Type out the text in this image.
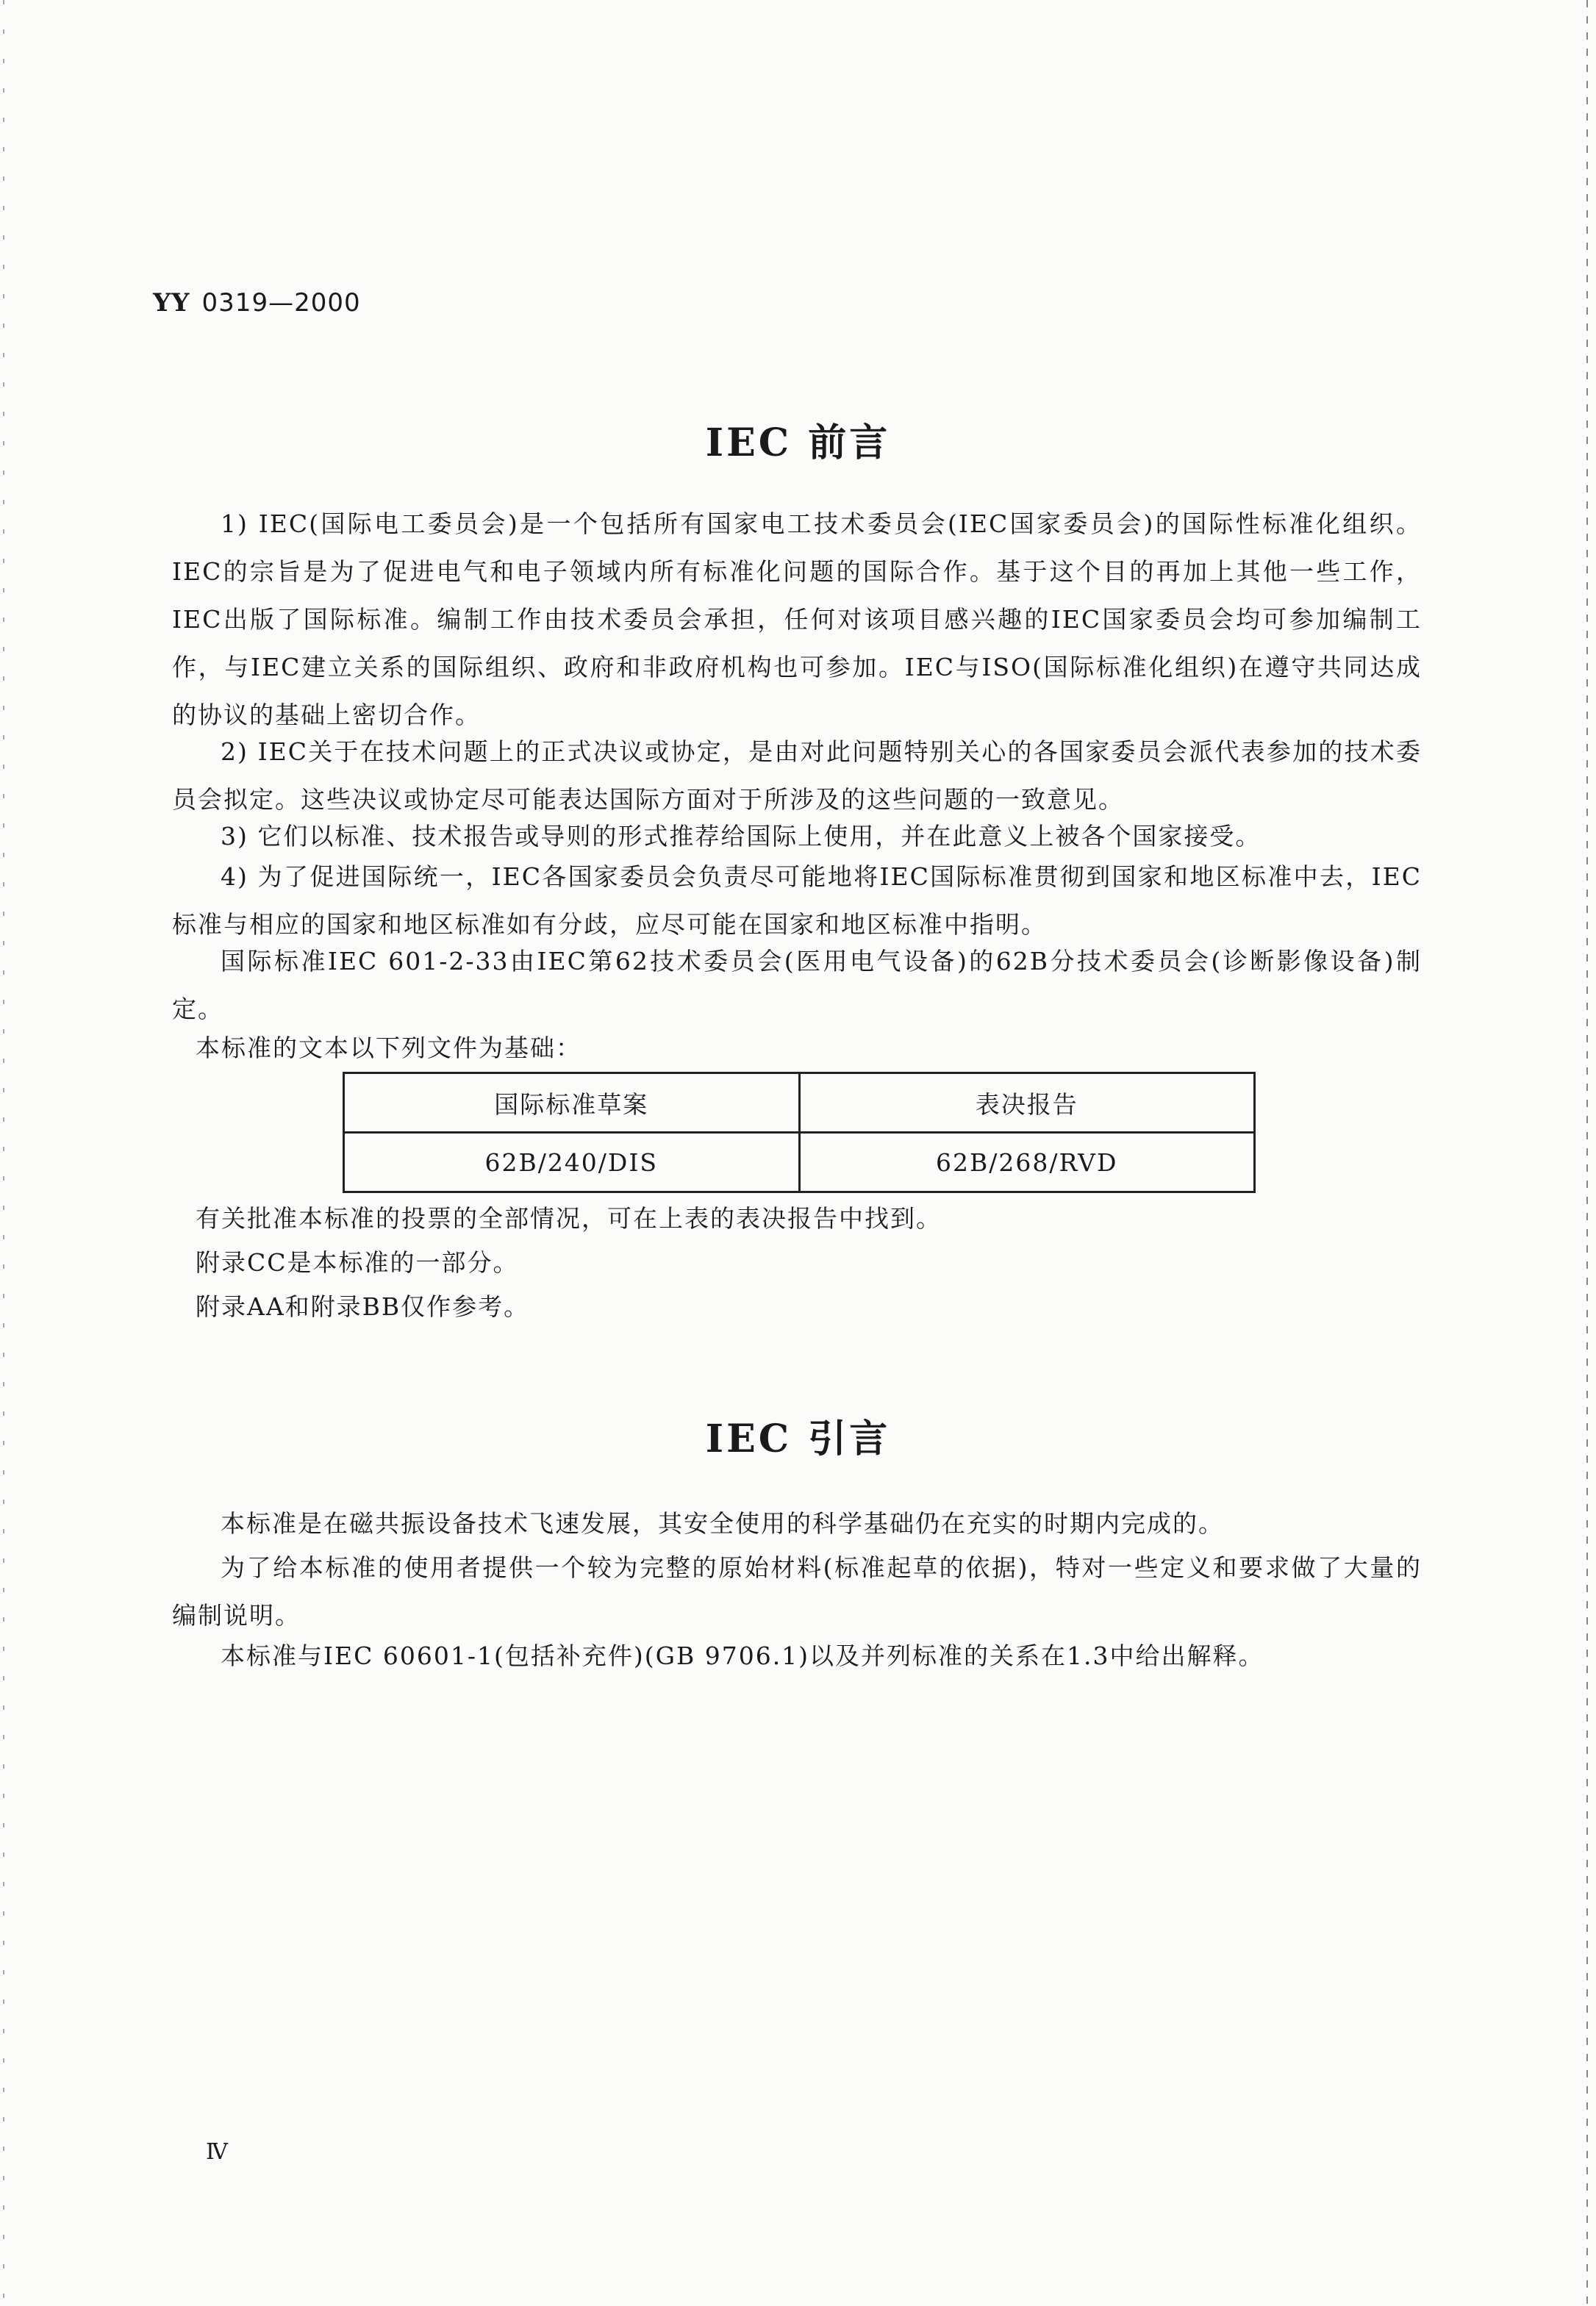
YY 0319—2000
IEC 前言
1) IEC(国际电工委员会)是一个包括所有国家电工技术委员会(IEC国家委员会)的国际性标准化组织。IEC的宗旨是为了促进电气和电子领域内所有标准化问题的国际合作。基于这个目的再加上其他一些工作，IEC出版了国际标准。编制工作由技术委员会承担，任何对该项目感兴趣的IEC国家委员会均可参加编制工作，与IEC建立关系的国际组织、政府和非政府机构也可参加。IEC与ISO(国际标准化组织)在遵守共同达成的协议的基础上密切合作。
2) IEC关于在技术问题上的正式决议或协定，是由对此问题特别关心的各国家委员会派代表参加的技术委员会拟定。这些决议或协定尽可能表达国际方面对于所涉及的这些问题的一致意见。
3) 它们以标准、技术报告或导则的形式推荐给国际上使用，并在此意义上被各个国家接受。
4) 为了促进国际统一，IEC各国家委员会负责尽可能地将IEC国际标准贯彻到国家和地区标准中去，IEC标准与相应的国家和地区标准如有分歧，应尽可能在国家和地区标准中指明。
国际标准IEC 601-2-33由IEC第62技术委员会(医用电气设备)的62B分技术委员会(诊断影像设备)制定。
本标准的文本以下列文件为基础：
国际标准草案	表决报告
62B/240/DIS	62B/268/RVD
有关批准本标准的投票的全部情况，可在上表的表决报告中找到。
附录CC是本标准的一部分。
附录AA和附录BB仅作参考。
IEC 引言
本标准是在磁共振设备技术飞速发展，其安全使用的科学基础仍在充实的时期内完成的。
为了给本标准的使用者提供一个较为完整的原始材料(标准起草的依据)，特对一些定义和要求做了大量的编制说明。
本标准与IEC 60601-1(包括补充件)(GB 9706.1)以及并列标准的关系在1.3中给出解释。
Ⅳ
